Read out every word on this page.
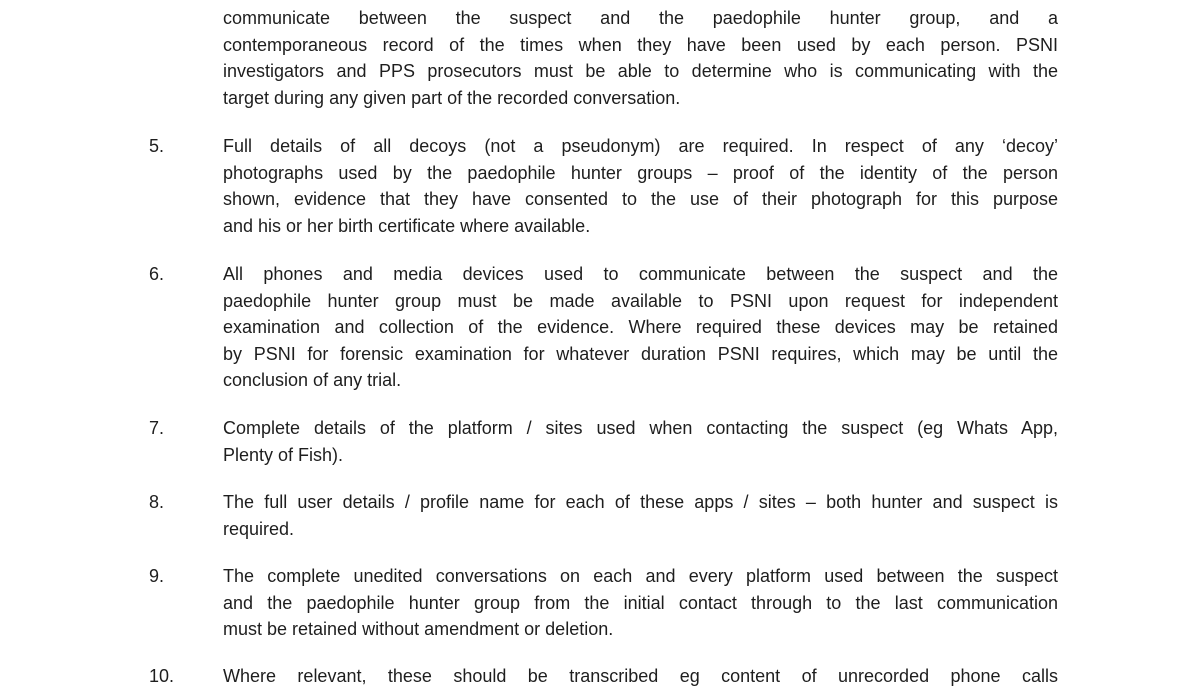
communicate between the suspect and the paedophile hunter group, and a
contemporaneous record of the times when they have been used by each person. PSNI
investigators and PPS prosecutors must be able to determine who is communicating with the
target during any given part of the recorded conversation.
5.	Full details of all decoys (not a pseudonym) are required. In respect of any ‘decoy’
photographs used by the paedophile hunter groups – proof of the identity of the person
shown, evidence that they have consented to the use of their photograph for this purpose
and his or her birth certificate where available.
6.	All phones and media devices used to communicate between the suspect and the
paedophile hunter group must be made available to PSNI upon request for independent
examination and collection of the evidence. Where required these devices may be retained
by PSNI for forensic examination for whatever duration PSNI requires, which may be until the
conclusion of any trial.
7.	Complete details of the platform / sites used when contacting the suspect (eg Whats App,
Plenty of Fish).
8.	The full user details / profile name for each of these apps / sites – both hunter and suspect is
required.
9.	The complete unedited conversations on each and every platform used between the suspect
and the paedophile hunter group from the initial contact through to the last communication
must be retained without amendment or deletion.
10.	Where relevant, these should be transcribed eg content of unrecorded phone calls
